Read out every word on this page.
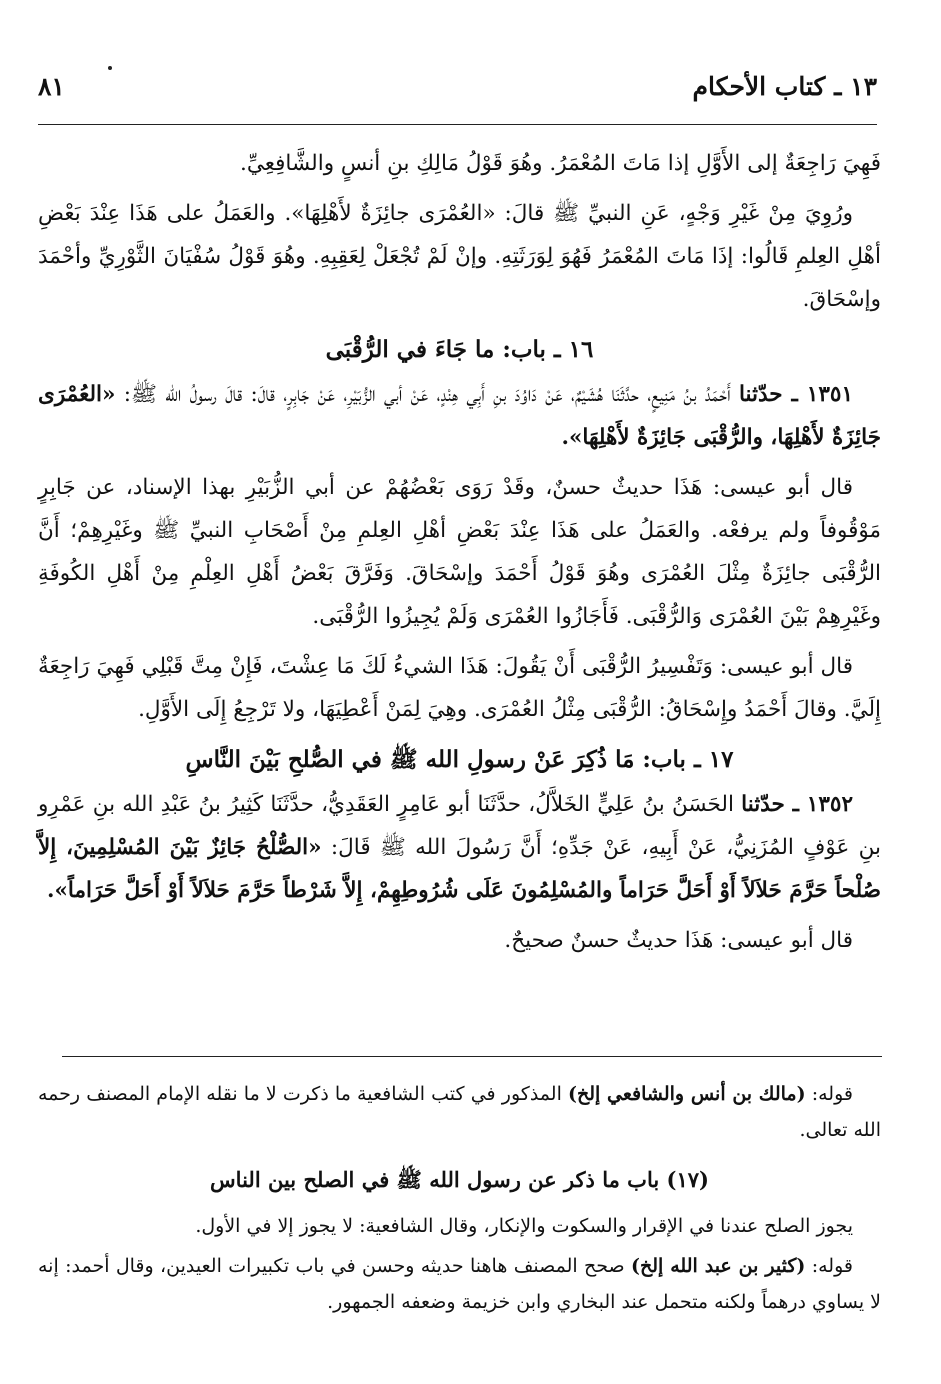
١٣ ـ كتاب الأحكام
٨١

فَهِيَ رَاجِعَةٌ إلى الأَوَّلِ إذا مَاتَ المُعْمَرُ. وهُوَ قَوْلُ مَالِكِ بنِ أنسٍ والشَّافِعِيِّ.

ورُوِيَ مِنْ غَيْرِ وَجْهٍ، عَنِ النبيِّ ﷺ قالَ: «العُمْرَى جائِزَةٌ لأَهْلِهَا». والعَمَلُ على هَذَا عِنْدَ بَعْضِ أهْلِ العِلمِ قَالُوا: إذَا مَاتَ المُعْمَرُ فَهُوَ لِوَرَثَتِهِ. وإنْ لَمْ تُجْعَلْ لِعَقِبِهِ. وهُوَ قَوْلُ سُفْيَانَ الثَّوْرِيِّ وأحْمَدَ وإسْحَاقَ.

١٦ ـ باب: ما جَاءَ في الرُّقْبَى

١٣٥١ ـ حدّثنا أَحْمَدُ بنُ مَنِيعٍ، حدَّثَنَا هُشَيْمٌ، عَنْ دَاوُدَ بنِ أَبِي هِنْدٍ، عَنْ أبي الزُّبَيْرِ، عَنْ جَابِرٍ، قالَ: قالَ رسولُ الله ﷺ: «العُمْرَى جَائِزَةٌ لأَهْلِهَا، والرُّقْبَى جَائِزَةٌ لأَهْلِهَا».

قال أبو عيسى: هَذَا حديثٌ حسنٌ، وقَدْ رَوَى بَعْضُهُمْ عن أبي الزُّبَيْرِ بهذا الإسناد، عن جَابِرٍ مَوْقُوفاً ولم يرفعْه. والعَمَلُ على هَذَا عِنْدَ بَعْضِ أهْلِ العِلمِ مِنْ أَصْحَابِ النبيِّ ﷺ وغَيْرِهِمْ؛ أَنَّ الرُّقْبَى جائِزَةٌ مِثْلَ العُمْرَى وهُوَ قَوْلُ أَحْمَدَ وإسْحَاقَ. وَفَرَّقَ بَعْضُ أَهْلِ العِلْمِ مِنْ أَهْلِ الكُوفَةِ وغَيْرِهِمْ بَيْنَ العُمْرَى وَالرُّقْبَى. فَأَجَازُوا العُمْرَى وَلَمْ يُجِيزُوا الرُّقْبَى.

قال أبو عيسى: وَتَفْسِيرُ الرُّقْبَى أَنْ يَقُولَ: هَذَا الشيءُ لَكَ مَا عِشْتَ، فَإِنْ مِتَّ قَبْلِي فَهِيَ رَاجِعَةٌ إِلَيَّ. وقالَ أَحْمَدُ وإِسْحَاقُ: الرُّقْبَى مِثْلُ العُمْرَى. وهِيَ لِمَنْ أَعْطِيَهَا، ولا تَرْجِعُ إِلَى الأَوَّلِ.

١٧ ـ باب: مَا ذُكِرَ عَنْ رسولِ الله ﷺ في الصُّلحِ بَيْنَ النَّاسِ

١٣٥٢ ـ حدّثنا الحَسَنُ بنُ عَلِيٍّ الخَلاَّلُ، حدَّثَنَا أبو عَامِرٍ العَقَدِيُّ، حدَّثَنَا كَثِيرُ بنُ عَبْدِ الله بنِ عَمْرِو بنِ عَوْفٍ المُزَنِيُّ، عَنْ أَبِيهِ، عَنْ جَدِّهِ؛ أَنَّ رَسُولَ الله ﷺ قَالَ: «الصُّلْحُ جَائِزٌ بَيْنَ المُسْلِمِينَ، إِلاَّ صُلْحاً حَرَّمَ حَلاَلاً أَوْ أَحَلَّ حَرَاماً والمُسْلِمُونَ عَلَى شُرُوطِهِمْ، إِلاَّ شَرْطاً حَرَّمَ حَلاَلاً أَوْ أَحَلَّ حَرَاماً».

قال أبو عيسى: هَذَا حديثٌ حسنٌ صحيحٌ.

قوله: (مالك بن أنس والشافعي إلخ) المذكور في كتب الشافعية ما ذكرت لا ما نقله الإمام المصنف رحمه الله تعالى.

(١٧) باب ما ذكر عن رسول الله ﷺ في الصلح بين الناس

يجوز الصلح عندنا في الإقرار والسكوت والإنكار، وقال الشافعية: لا يجوز إلا في الأول.

قوله: (كثير بن عبد الله إلخ) صحح المصنف هاهنا حديثه وحسن في باب تكبيرات العيدين، وقال أحمد: إنه لا يساوي درهماً ولكنه متحمل عند البخاري وابن خزيمة وضعفه الجمهور.
